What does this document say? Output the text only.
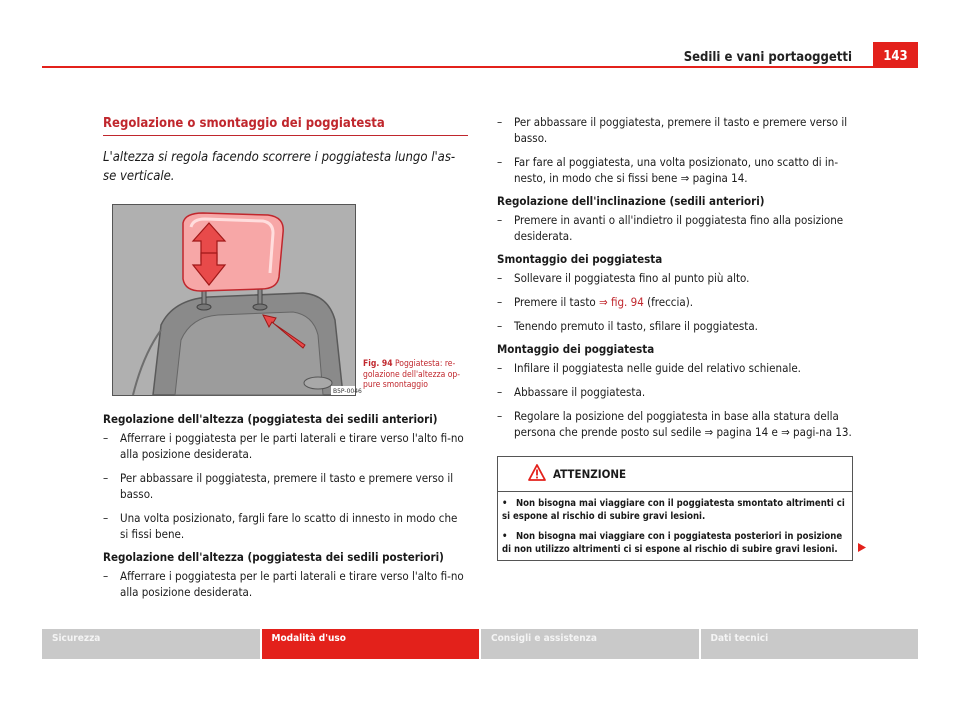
Sedili e vani portaoggetti	143
Regolazione o smontaggio dei poggiatesta

L'altezza si regola facendo scorrere i poggiatesta lungo l'as-se verticale.

B5P-0046
Fig. 94 Poggiatesta: re-golazione dell'altezza op-pure smontaggio
Regolazione dell'altezza (poggiatesta dei sedili anteriori)
– Afferrare i poggiatesta per le parti laterali e tirare verso l'alto fi-no alla posizione desiderata.
– Per abbassare il poggiatesta, premere il tasto e premere verso il basso.
– Una volta posizionato, fargli fare lo scatto di innesto in modo che si fissi bene.
Regolazione dell'altezza (poggiatesta dei sedili posteriori)
– Afferrare i poggiatesta per le parti laterali e tirare verso l'alto fi-no alla posizione desiderata.
– Per abbassare il poggiatesta, premere il tasto e premere verso il basso.
– Far fare al poggiatesta, una volta posizionato, uno scatto di in-nesto, in modo che si fissi bene ⇒ pagina 14.
Regolazione dell'inclinazione (sedili anteriori)
– Premere in avanti o all'indietro il poggiatesta fino alla posizione desiderata.
Smontaggio dei poggiatesta
– Sollevare il poggiatesta fino al punto più alto.
– Premere il tasto ⇒ fig. 94 (freccia).
– Tenendo premuto il tasto, sfilare il poggiatesta.
Montaggio dei poggiatesta
– Infilare il poggiatesta nelle guide del relativo schienale.
– Abbassare il poggiatesta.
– Regolare la posizione del poggiatesta in base alla statura della persona che prende posto sul sedile ⇒ pagina 14 e ⇒ pagi-na 13.
ATTENZIONE

• Non bisogna mai viaggiare con il poggiatesta smontato altrimenti ci si espone al rischio di subire gravi lesioni.

• Non bisogna mai viaggiare con i poggiatesta posteriori in posizione di non utilizzo altrimenti ci si espone al rischio di subire gravi lesioni.

Sicurezza	Modalità d'uso	Consigli e assistenza	Dati tecnici
